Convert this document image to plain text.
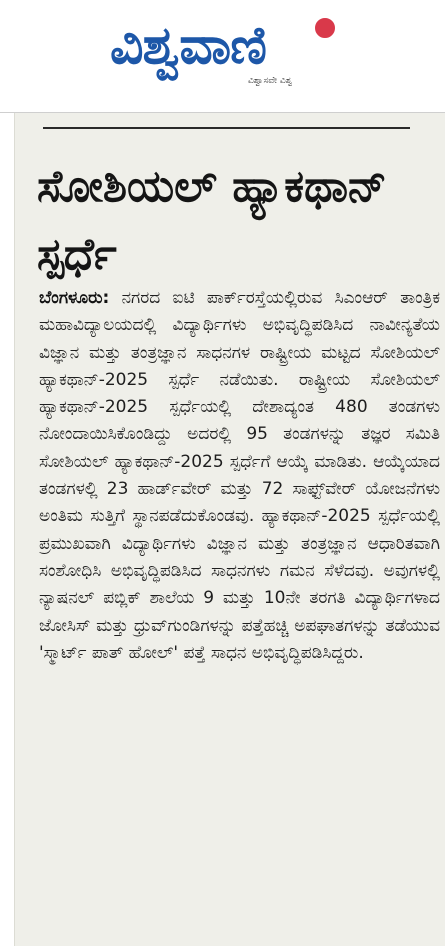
ವಿಶ್ವವಾಣಿ
ವಿಶ್ವಾಸವೇ ವಿಶ್ವ
ಸೋಶಿಯಲ್ ಹ್ಯಾಕಥಾನ್ ಸ್ಪರ್ಧೆ

ಬೆಂಗಳೂರು: ನಗರದ ಐಟಿ ಪಾರ್ಕ್‌ರಸ್ತೆಯಲ್ಲಿರುವ ಸಿಎಂಆರ್ ತಾಂತ್ರಿಕ ಮಹಾವಿದ್ಯಾಲಯದಲ್ಲಿ ವಿದ್ಯಾರ್ಥಿಗಳು ಅಭಿವೃದ್ಧಿಪಡಿಸಿದ ನಾವೀನ್ಯತೆಯ ವಿಜ್ಞಾನ ಮತ್ತು ತಂತ್ರಜ್ಞಾನ ಸಾಧನಗಳ ರಾಷ್ಟ್ರೀಯ ಮಟ್ಟದ ಸೋಶಿಯಲ್ ಹ್ಯಾಕಥಾನ್-2025 ಸ್ಪರ್ಧೆ ನಡೆಯಿತು. ರಾಷ್ಟ್ರೀಯ ಸೋಶಿಯಲ್ ಹ್ಯಾಕಥಾನ್-2025 ಸ್ಪರ್ಧೆಯಲ್ಲಿ ದೇಶಾದ್ಯಂತ 480 ತಂಡಗಳು ನೋಂದಾಯಿಸಿಕೊಂಡಿದ್ದು ಅದರಲ್ಲಿ 95 ತಂಡಗಳನ್ನು ತಜ್ಞರ ಸಮಿತಿ ಸೋಶಿಯಲ್ ಹ್ಯಾಕಥಾನ್-2025 ಸ್ಪರ್ಧೆಗೆ ಆಯ್ಕೆ ಮಾಡಿತು. ಆಯ್ಕೆಯಾದ ತಂಡಗಳಲ್ಲಿ 23 ಹಾರ್ಡ್‌ವೇರ್ ಮತ್ತು 72 ಸಾಫ್ಟ್‌ವೇರ್ ಯೋಜನೆಗಳು ಅಂತಿಮ ಸುತ್ತಿಗೆ ಸ್ಥಾನಪಡೆದುಕೊಂಡವು. ಹ್ಯಾಕಥಾನ್-2025 ಸ್ಪರ್ಧೆಯಲ್ಲಿ ಪ್ರಮುಖವಾಗಿ ವಿದ್ಯಾರ್ಥಿಗಳು ವಿಜ್ಞಾನ ಮತ್ತು ತಂತ್ರಜ್ಞಾನ ಆಧಾರಿತವಾಗಿ ಸಂಶೋಧಿಸಿ ಅಭಿವೃದ್ಧಿಪಡಿಸಿದ ಸಾಧನಗಳು ಗಮನ ಸೆಳೆದವು. ಅವುಗಳಲ್ಲಿ ನ್ಯಾಷನಲ್ ಪಬ್ಲಿಕ್ ಶಾಲೆಯ 9 ಮತ್ತು 10ನೇ ತರಗತಿ ವಿದ್ಯಾರ್ಥಿಗಳಾದ ಜೋಸಿಸ್ ಮತ್ತು ಧ್ರುವ್‌ಗುಂಡಿಗಳನ್ನು ಪತ್ತೆಹಚ್ಚಿ ಅಪಘಾತಗಳನ್ನು ತಡೆಯುವ 'ಸ್ಮಾರ್ಟ್ ಪಾತ್ ಹೋಲ್' ಪತ್ತೆ ಸಾಧನ ಅಭಿವೃದ್ಧಿಪಡಿಸಿದ್ದರು.
